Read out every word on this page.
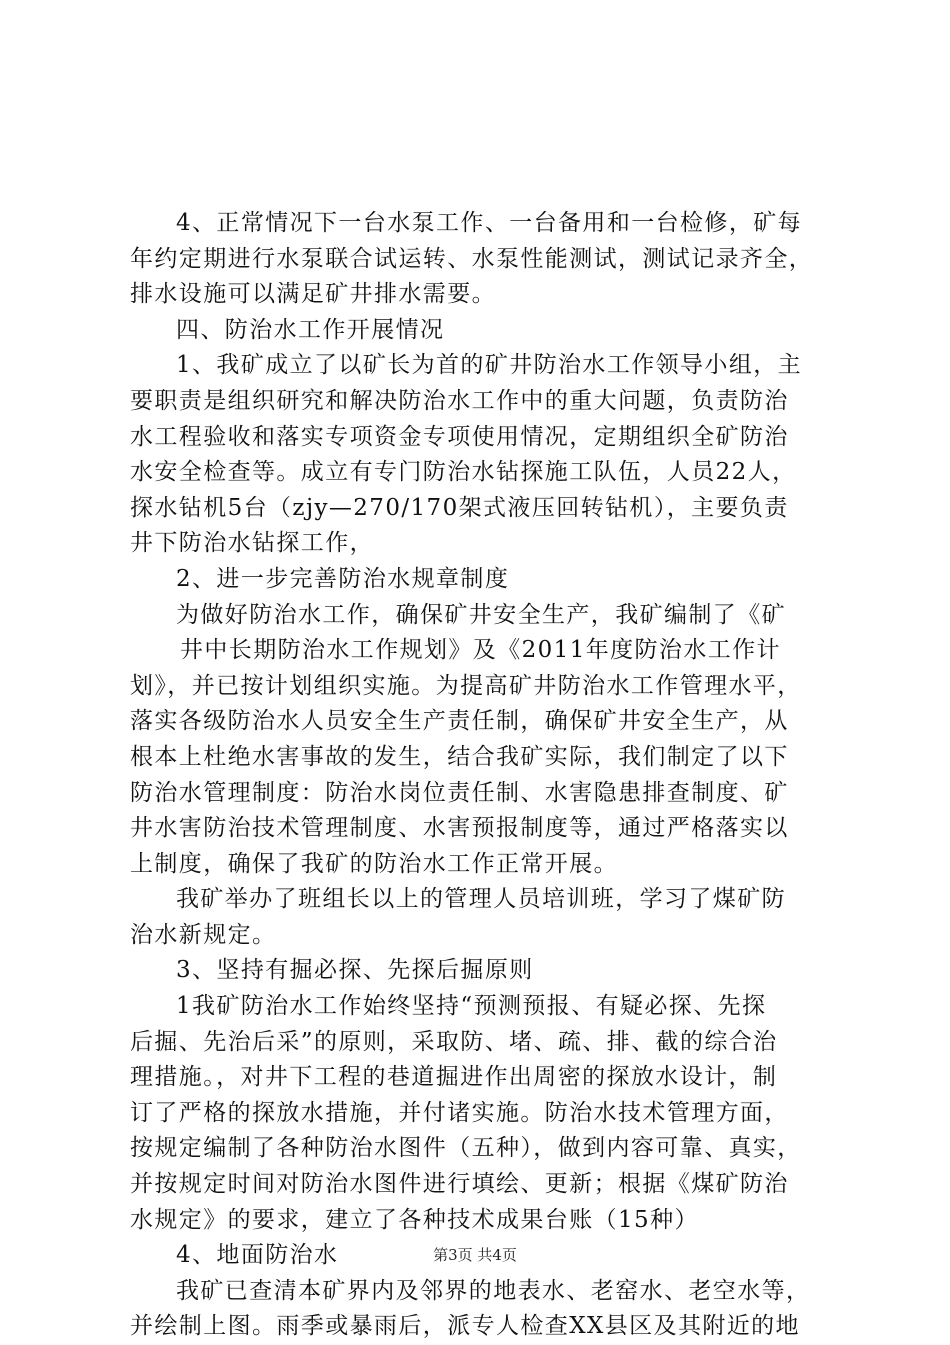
4、正常情况下一台水泵工作、一台备用和一台检修，矿每
年约定期进行水泵联合试运转、水泵性能测试，测试记录齐全，
排水设施可以满足矿井排水需要。
四、防治水工作开展情况
1、我矿成立了以矿长为首的矿井防治水工作领导小组，主
要职责是组织研究和解决防治水工作中的重大问题，负责防治
水工程验收和落实专项资金专项使用情况，定期组织全矿防治
水安全检查等。成立有专门防治水钻探施工队伍，人员22人，
探水钻机5台（zjy—270/170架式液压回转钻机），主要负责
井下防治水钻探工作，
2、进一步完善防治水规章制度
为做好防治水工作，确保矿井安全生产，我矿编制了《矿
井中长期防治水工作规划》及《2011年度防治水工作计
划》，并已按计划组织实施。为提高矿井防治水工作管理水平，
落实各级防治水人员安全生产责任制，确保矿井安全生产，从
根本上杜绝水害事故的发生，结合我矿实际，我们制定了以下
防治水管理制度：防治水岗位责任制、水害隐患排查制度、矿
井水害防治技术管理制度、水害预报制度等，通过严格落实以
上制度，确保了我矿的防治水工作正常开展。
我矿举办了班组长以上的管理人员培训班，学习了煤矿防
治水新规定。
3、坚持有掘必探、先探后掘原则
1我矿防治水工作始终坚持“预测预报、有疑必探、先探
后掘、先治后采”的原则，采取防、堵、疏、排、截的综合治
理措施。，对井下工程的巷道掘进作出周密的探放水设计，制
订了严格的探放水措施，并付诸实施。防治水技术管理方面，
按规定编制了各种防治水图件（五种），做到内容可靠、真实，
并按规定时间对防治水图件进行填绘、更新；根据《煤矿防治
水规定》的要求，建立了各种技术成果台账（15种）
4、地面防治水
我矿已查清本矿界内及邻界的地表水、老窑水、老空水等，
并绘制上图。雨季或暴雨后，派专人检查XX县区及其附近的地
第3页 共4页
